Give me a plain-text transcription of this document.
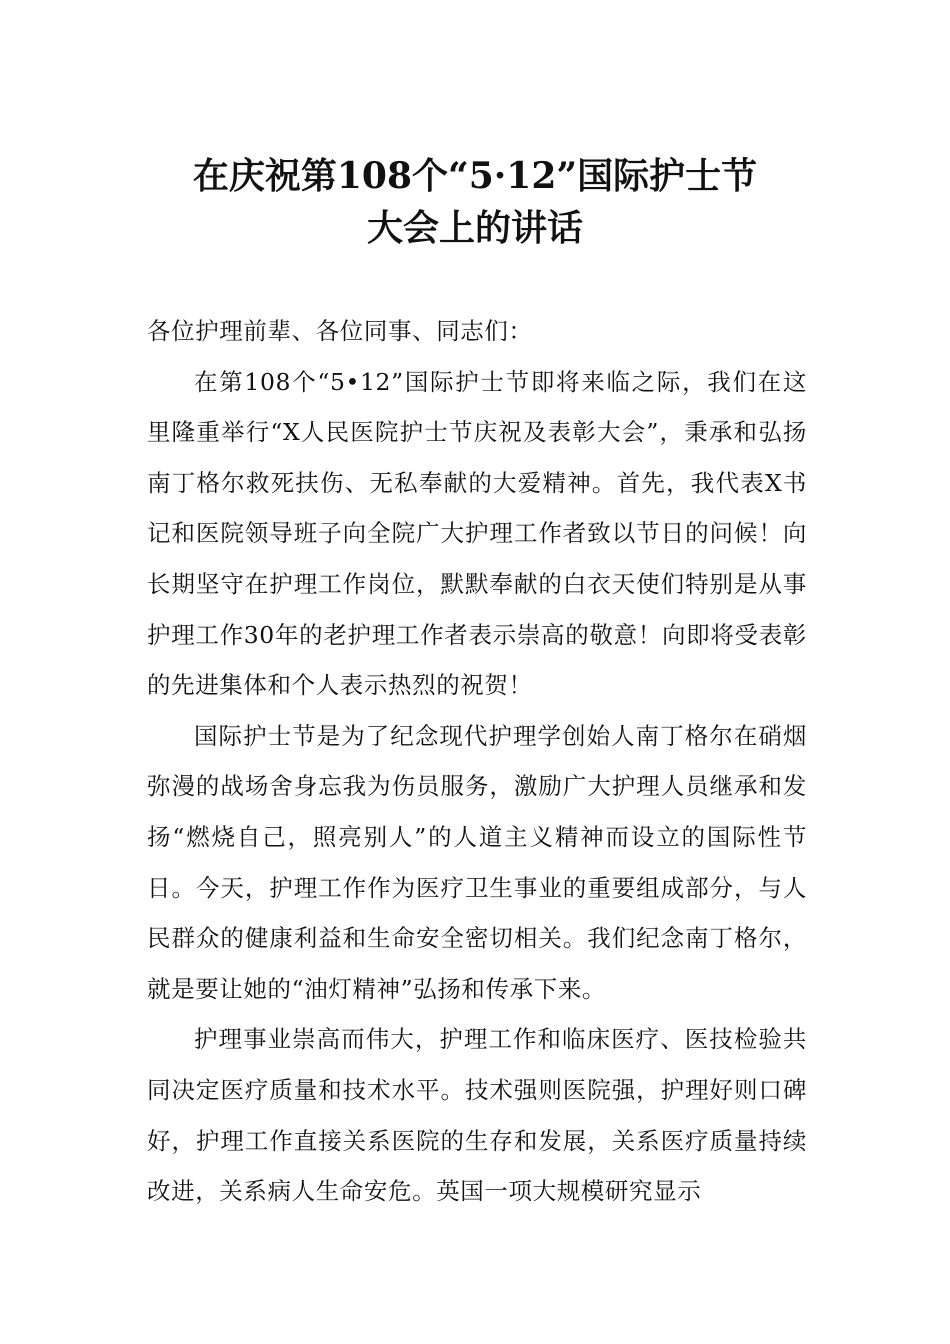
在庆祝第108个“5·12”国际护士节
大会上的讲话

各位护理前辈、各位同事、同志们：

在第108个“5•12”国际护士节即将来临之际，我们在这里隆重举行“X人民医院护士节庆祝及表彰大会”，秉承和弘扬南丁格尔救死扶伤、无私奉献的大爱精神。首先，我代表X书记和医院领导班子向全院广大护理工作者致以节日的问候！向长期坚守在护理工作岗位，默默奉献的白衣天使们特别是从事护理工作30年的老护理工作者表示崇高的敬意！向即将受表彰的先进集体和个人表示热烈的祝贺！

国际护士节是为了纪念现代护理学创始人南丁格尔在硝烟弥漫的战场舍身忘我为伤员服务，激励广大护理人员继承和发扬“燃烧自己，照亮别人”的人道主义精神而设立的国际性节日。今天，护理工作作为医疗卫生事业的重要组成部分，与人民群众的健康利益和生命安全密切相关。我们纪念南丁格尔，就是要让她的“油灯精神”弘扬和传承下来。

护理事业崇高而伟大，护理工作和临床医疗、医技检验共同决定医疗质量和技术水平。技术强则医院强，护理好则口碑好，护理工作直接关系医院的生存和发展，关系医疗质量持续改进，关系病人生命安危。英国一项大规模研究显示
